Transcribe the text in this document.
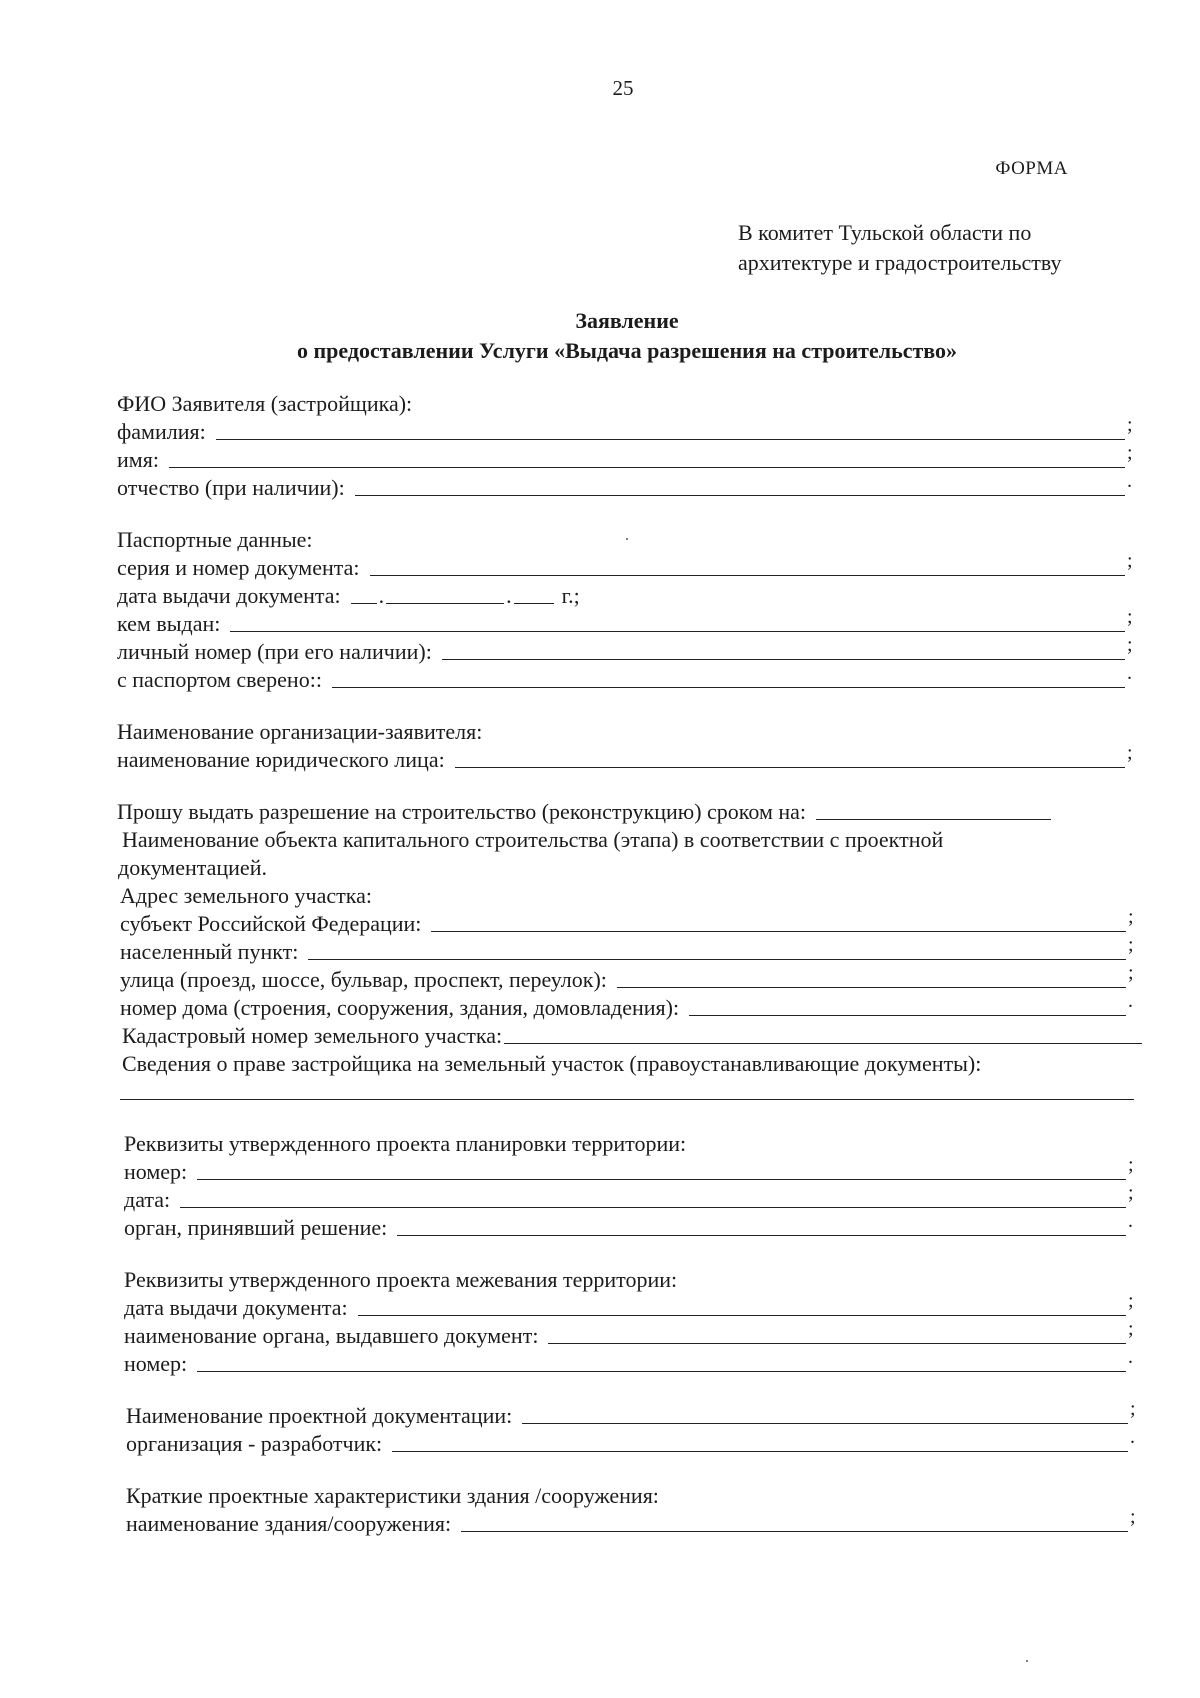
25
ФОРМА
В комитет Тульской области по
архитектуре и градостроительству
Заявление
о предоставлении Услуги «Выдача разрешения на строительство»
ФИО Заявителя (застройщика):
фамилия:	;
имя:	;
отчество (при наличии):	.
Паспортные данные:
серия и номер документа:	;
дата выдачи документа: .	. г.;
кем выдан:	;
личный номер (при его наличии):	;
с паспортом сверено::	.
Наименование организации-заявителя:
наименование юридического лица:	;
Прошу выдать разрешение на строительство (реконструкцию) сроком на:
Наименование объекта капитального строительства (этапа) в соответствии с проектной
документацией.
Адрес земельного участка:
субъект Российской Федерации:	;
населенный пункт:	;
улица (проезд, шоссе, бульвар, проспект, переулок):	;
номер дома (строения, сооружения, здания, домовладения):	.
Кадастровый номер земельного участка:
Сведения о праве застройщика на земельный участок (правоустанавливающие документы):
Реквизиты утвержденного проекта планировки территории:
номер:	;
дата:	;
орган, принявший решение:	.
Реквизиты утвержденного проекта межевания территории:
дата выдачи документа:	;
наименование органа, выдавшего документ:	;
номер:	.
Наименование проектной документации:	;
организация - разработчик:	.
Краткие проектные характеристики здания /сооружения:
наименование здания/сооружения:	;
